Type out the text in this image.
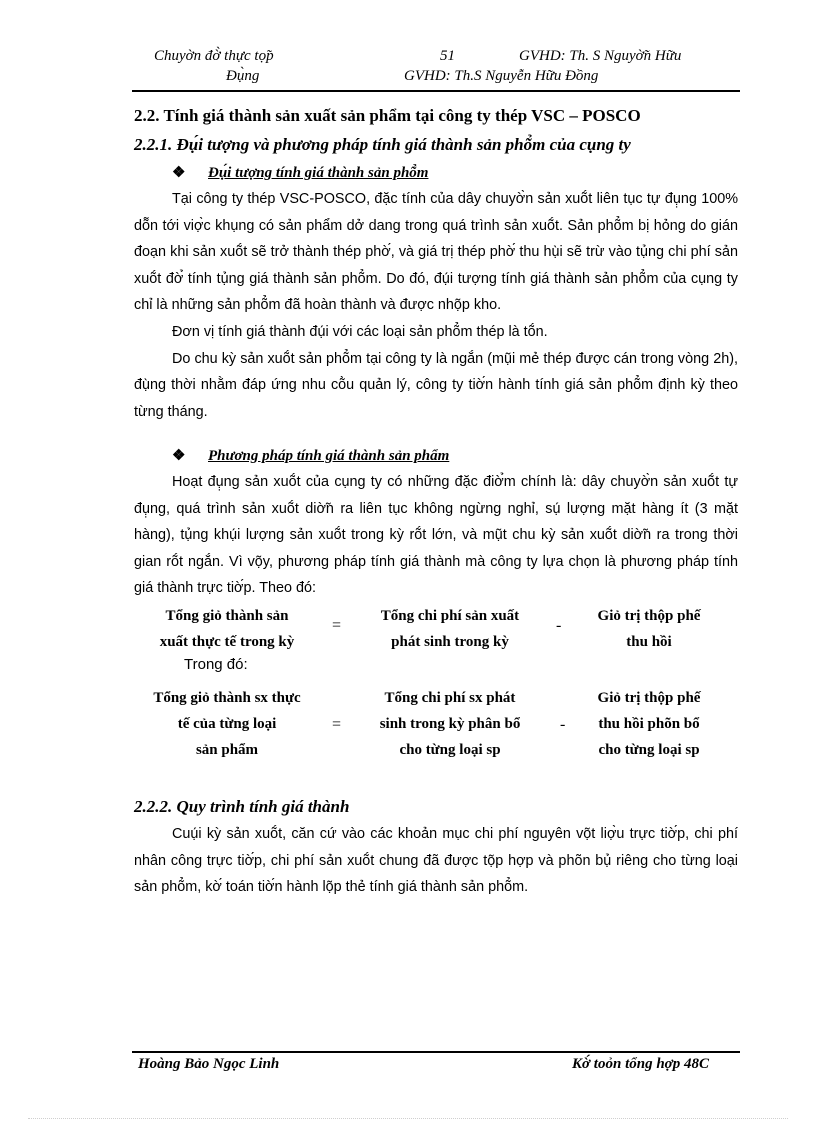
Chuyờn đờ̀ thực tọ̃p	51	GVHD: Th. S Nguyờ̃n Hữu
Đụ̀ng	GVHD: Th.S Nguyễn Hữu Đồng
2.2. Tính giá thành sản xuất sản phẩm tại công ty thép VSC – POSCO
2.2.1. Đụ́i tượng và phương pháp tính giá thành sản phõ̉m của cụng ty
❖ Đụ́i tượng tính giá thành sản phõ̉m

Tại công ty thép VSC-POSCO, đặc tính của dây chuyờ̀n sản xuṍt liên tục tự đụ̣ng 100% dõ̃n tới viợ̀c khụng có sản phẩm dở dang trong quá trình sản xuṍt. Sản phõ̉m bị hỏng do gián đoạn khi sản xuṍt sẽ trở thành thép phờ́, và giá trị thép phờ́ thu hụ̀i sẽ trừ vào tụ̉ng chi phí sản xuṍt đờ̉ tính tụ̉ng giá thành sản phõ̉m. Do đó, đụ́i tượng tính giá thành sản phõ̉m của cụng ty chỉ là những sản phõ̉m đã hoàn thành và được nhọ̃p kho.

Đơn vị tính giá thành đụ́i với các loại sản phõ̉m thép là tṍn.

Do chu kỳ sản xuṍt sản phõ̉m tại công ty là ngắn (mụ̃i mẻ thép được cán trong vòng 2h), đụ̀ng thời nhằm đáp ứng nhu cõ̀u quản lý, công ty tiờ́n hành tính giá sản phõ̉m định kỳ theo từng tháng.

❖ Phương pháp tính giá thành sản phẩm

Hoạt đụ̣ng sản xuṍt của cụng ty có những đặc điờ̉m chính là: dây chuyờ̀n sản xuṍt tự đụ̣ng, quá trình sản xuṍt diờ̃n ra liên tục không ngừng nghỉ, sụ́ lượng mặt hàng ít (3 mặt hàng), tụ̉ng khụ́i lượng sản xuṍt trong kỳ rṍt lớn, và mụ̃t chu kỳ sản xuṍt diờ̃n ra trong thời gian rṍt ngắn. Vì vọ̃y, phương pháp tính giá thành mà công ty lựa chọn là phương pháp tính giá thành trực tiờ́p. Theo đó:

Tổng giỏ thành sản
xuất thực tế trong kỳ
=
Tổng chi phí sản xuất
phát sinh trong kỳ
-
Giỏ trị thộp phế
thu hồi
Trong đó:
Tổng giỏ thành sx thực
tế của từng loại
sản phẩm
=
Tổng chi phí sx phát
sinh trong kỳ phân bổ
cho từng loại sp
-
Giỏ trị thộp phế
thu hồi phõn bổ
cho từng loại sp
2.2.2. Quy trình tính giá thành

Cuụ́i kỳ sản xuṍt, căn cứ vào các khoản mục chi phí nguyên vọ̃t liợ̀u trực tiờ́p, chi phí nhân công trực tiờ́p, chi phí sản xuṍt chung đã được tọ̃p hợp và phõn bụ̉ riêng cho từng loại sản phõ̉m, kờ́ toán tiờ́n hành lọ̃p thẻ tính giá thành sản phõ̉m.

Hoàng Bảo Ngọc Linh	Kờ́ toỏn tổng hợp 48C
